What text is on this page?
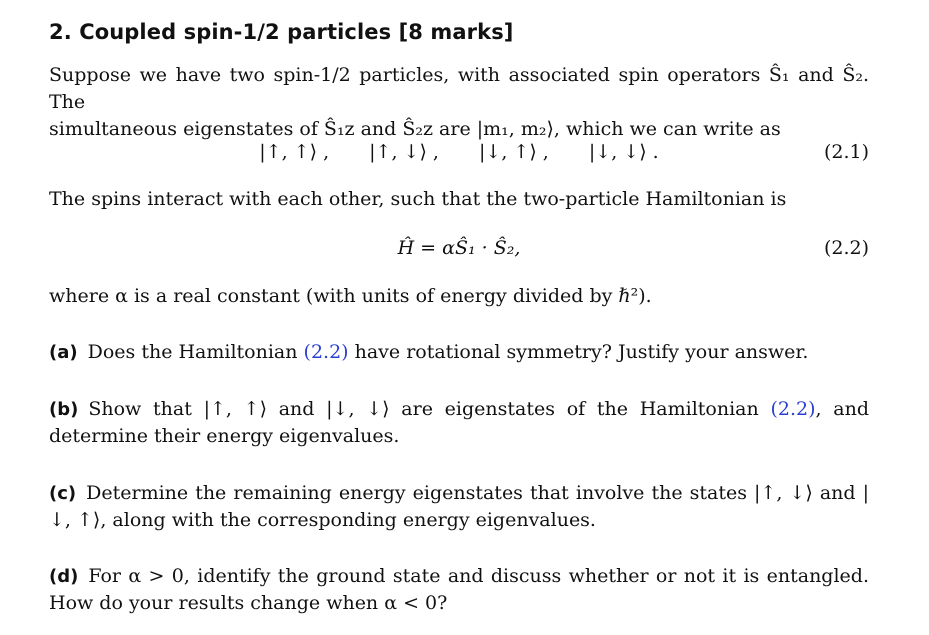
2. Coupled spin-1/2 particles [8 marks]
Suppose we have two spin-1/2 particles, with associated spin operators Ŝ₁ and Ŝ₂. The
simultaneous eigenstates of Ŝ₁z and Ŝ₂z are |m₁, m₂⟩, which we can write as
|↑, ↑⟩ , |↑, ↓⟩ , |↓, ↑⟩ , |↓, ↓⟩ .	(2.1)
The spins interact with each other, such that the two-particle Hamiltonian is
Ĥ = αŜ₁ · Ŝ₂,	(2.2)
where α is a real constant (with units of energy divided by ℏ²).
(a) Does the Hamiltonian (2.2) have rotational symmetry? Justify your answer.
(b) Show that |↑, ↑⟩ and |↓, ↓⟩ are eigenstates of the Hamiltonian (2.2), and determine their energy eigenvalues.
(c) Determine the remaining energy eigenstates that involve the states |↑, ↓⟩ and |↓, ↑⟩, along with the corresponding energy eigenvalues.
(d) For α > 0, identify the ground state and discuss whether or not it is entangled. How do your results change when α < 0?
